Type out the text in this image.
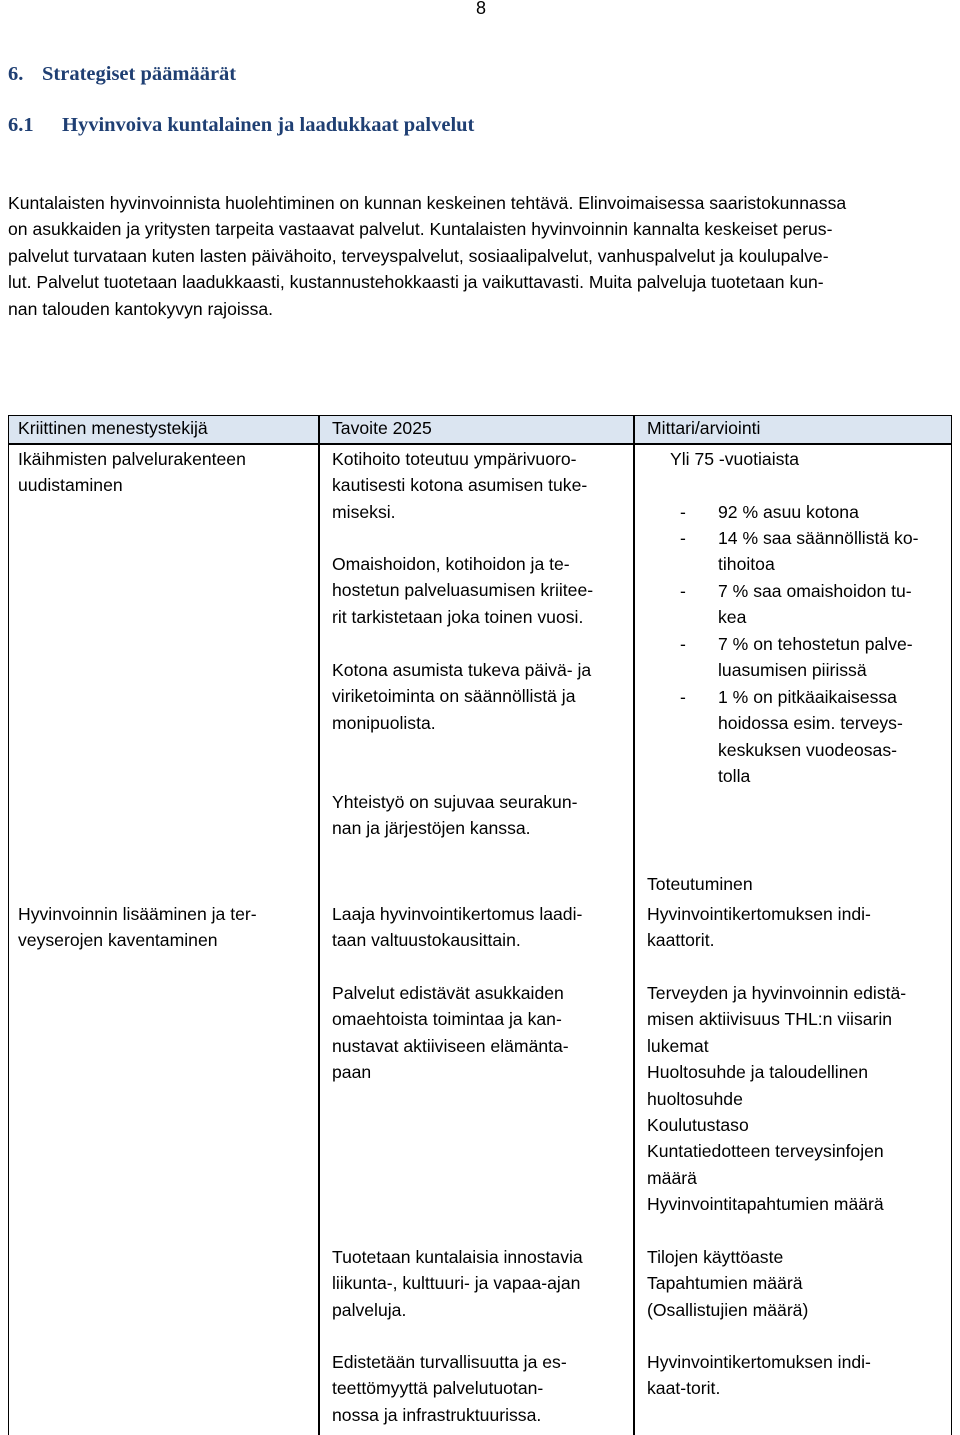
8
6. Strategiset päämäärät
6.1 Hyvinvoiva kuntalainen ja laadukkaat palvelut
Kuntalaisten hyvinvoinnista huolehtiminen on kunnan keskeinen tehtävä. Elinvoimaisessa saaristokunnassa
on asukkaiden ja yritysten tarpeita vastaavat palvelut. Kuntalaisten hyvinvoinnin kannalta keskeiset perus-
palvelut turvataan kuten lasten päivähoito, terveyspalvelut, sosiaalipalvelut, vanhuspalvelut ja koulupalve-
lut. Palvelut tuotetaan laadukkaasti, kustannustehokkaasti ja vaikuttavasti. Muita palveluja tuotetaan kun-
nan talouden kantokyvyn rajoissa.
Kriittinen menestystekijä	Tavoite 2025	Mittari/arviointi
Ikäihmisten palvelurakenteen
uudistaminen
Kotihoito toteutuu ympärivuoro-
kautisesti kotona asumisen tuke-
miseksi.
Omaishoidon, kotihoidon ja te-
hostetun palveluasumisen kriitee-
rit tarkistetaan joka toinen vuosi.
Kotona asumista tukeva päivä- ja
viriketoiminta on säännöllistä ja
monipuolista.
Yhteistyö on sujuvaa seurakun-
nan ja järjestöjen kanssa.
Yli 75 -vuotiaista
- 92 % asuu kotona
- 14 % saa säännöllistä ko-
tihoitoa
- 7 % saa omaishoidon tu-
kea
- 7 % on tehostetun palve-
luasumisen piirissä
- 1 % on pitkäaikaisessa
hoidossa esim. terveys-
keskuksen vuodeosas-
tolla
Toteutuminen
Hyvinvoinnin lisääminen ja ter-
veyserojen kaventaminen
Laaja hyvinvointikertomus laadi-
taan valtuustokausittain.
Hyvinvointikertomuksen indi-
kaattorit.
Palvelut edistävät asukkaiden
omaehtoista toimintaa ja kan-
nustavat aktiiviseen elämänta-
paan
Terveyden ja hyvinvoinnin edistä-
misen aktiivisuus THL:n viisarin
lukemat
Huoltosuhde ja taloudellinen
huoltosuhde
Koulutustaso
Kuntatiedotteen terveysinfojen
määrä
Hyvinvointitapahtumien määrä
Tuotetaan kuntalaisia innostavia
liikunta-, kulttuuri- ja vapaa-ajan
palveluja.
Tilojen käyttöaste
Tapahtumien määrä
(Osallistujien määrä)
Edistetään turvallisuutta ja es-
teettömyyttä palvelutuotan-
nossa ja infrastruktuurissa.
Hyvinvointikertomuksen indi-
kaat-torit.
